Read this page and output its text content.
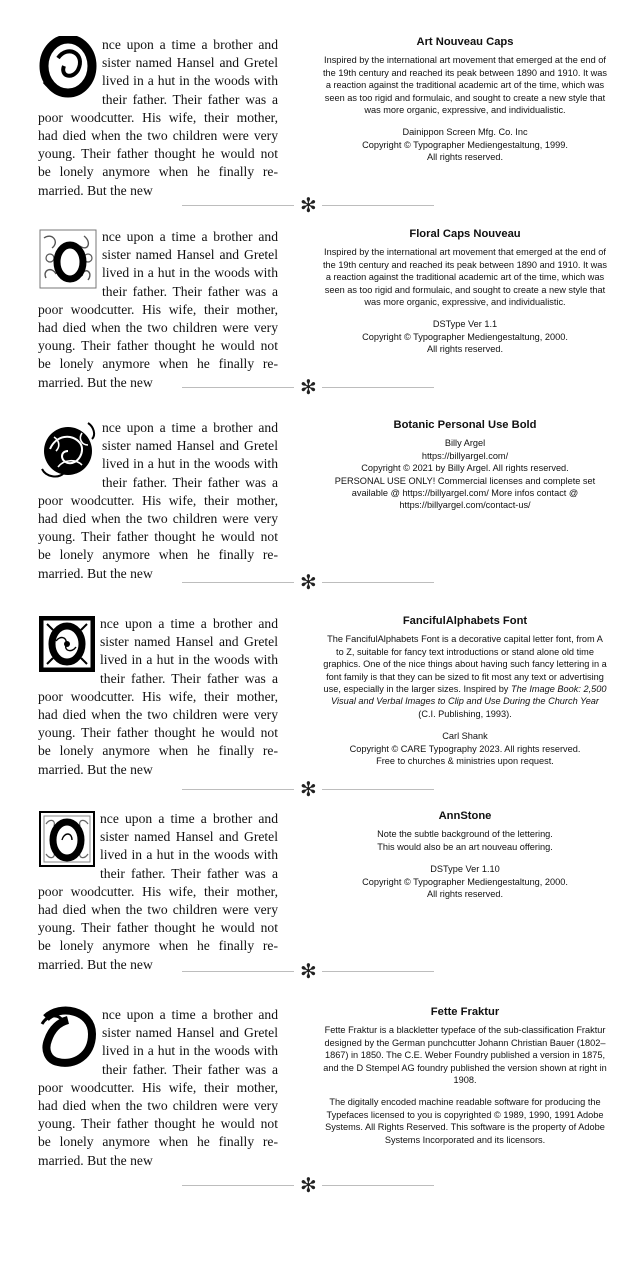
nce upon a time a brother and sister named Hansel and Gretel lived in a hut in the woods with their father. Their father was a poor woodcutter. His wife, their mother, had died when the two children were very young. Their father thought he would not be lonely anymore when he finally re-married. But the new

Art Nouveau Caps

Inspired by the international art movement that emerged at the end of the 19th century and reached its peak between 1890 and 1910. It was a reaction against the traditional academic art of the time, which was seen as too rigid and formulaic, and sought to create a new style that was more organic, expressive, and individualistic.

Dainippon Screen Mfg. Co. Inc
Copyright © Typographer Mediengestaltung, 1999.
All rights reserved.
✻

nce upon a time a brother and sister named Hansel and Gretel lived in a hut in the woods with their father. Their father was a poor woodcutter. His wife, their mother, had died when the two children were very young. Their father thought he would not be lonely anymore when he finally re-married. But the new

Floral Caps Nouveau

Inspired by the international art movement that emerged at the end of the 19th century and reached its peak between 1890 and 1910. It was a reaction against the traditional academic art of the time, which was seen as too rigid and formulaic, and sought to create a new style that was more organic, expressive, and individualistic.

DSType Ver 1.1
Copyright © Typographer Mediengestaltung, 2000.
All rights reserved.
✻

nce upon a time a brother and sister named Hansel and Gretel lived in a hut in the woods with their father. Their father was a poor woodcutter. His wife, their mother, had died when the two children were very young. Their father thought he would not be lonely anymore when he finally re-married. But the new

Botanic Personal Use Bold

Billy Argel
https://billyargel.com/
Copyright © 2021 by Billy Argel. All rights reserved.
PERSONAL USE ONLY! Commercial licenses and complete set available @ https://billyargel.com/ More infos contact @ https://billyargel.com/contact-us/

✻

nce upon a time a brother and sister named Hansel and Gretel lived in a hut in the woods with their father. Their father was a poor woodcutter. His wife, their mother, had died when the two children were very young. Their father thought he would not be lonely anymore when he finally re-married. But the new

FancifulAlphabets Font

The FancifulAlphabets Font is a decorative capital letter font, from A to Z, suitable for fancy text introductions or stand alone old time graphics. One of the nice things about having such fancy lettering in a font family is that they can be sized to fit most any text or advertising use, especially in the larger sizes. Inspired by The Image Book: 2,500 Visual and Verbal Images to Clip and Use During the Church Year (C.I. Publishing, 1993).

Carl Shank
Copyright © CARE Typography 2023. All rights reserved.
Free to churches & ministries upon request.
✻

nce upon a time a brother and sister named Hansel and Gretel lived in a hut in the woods with their father. Their father was a poor woodcutter. His wife, their mother, had died when the two children were very young. Their father thought he would not be lonely anymore when he finally re-married. But the new

AnnStone

Note the subtle background of the lettering.
This would also be an art nouveau offering.

DSType Ver 1.10
Copyright © Typographer Mediengestaltung, 2000.
All rights reserved.
✻

nce upon a time a brother and sister named Hansel and Gretel lived in a hut in the woods with their father. Their father was a poor woodcutter. His wife, their mother, had died when the two children were very young. Their father thought he would not be lonely anymore when he finally re-married. But the new

Fette Fraktur

Fette Fraktur is a blackletter typeface of the sub-classification Fraktur designed by the German punchcutter Johann Christian Bauer (1802–1867) in 1850. The C.E. Weber Foundry published a version in 1875, and the D Stempel AG foundry published the version shown at right in 1908.

The digitally encoded machine readable software for producing the Typefaces licensed to you is copyrighted © 1989, 1990, 1991 Adobe Systems. All Rights Reserved. This software is the property of Adobe Systems Incorporated and its licensors.

✻
